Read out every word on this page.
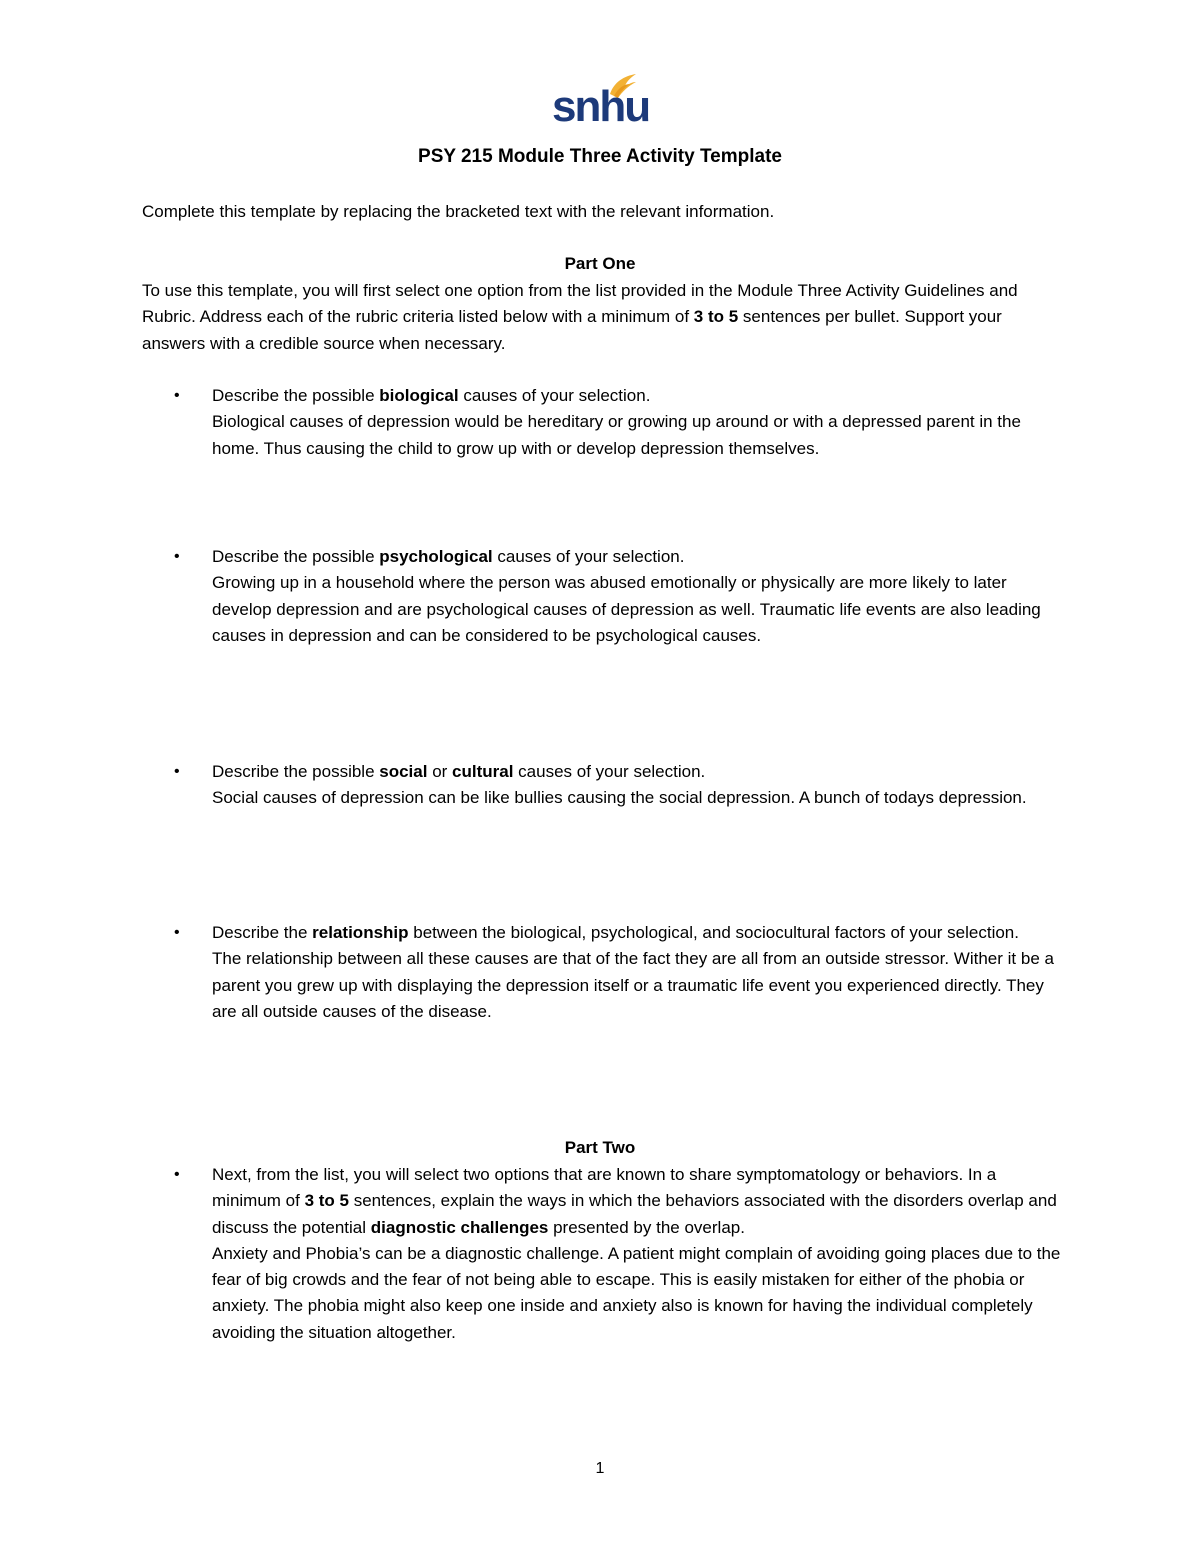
snhu
PSY 215 Module Three Activity Template
Complete this template by replacing the bracketed text with the relevant information.
Part One
To use this template, you will first select one option from the list provided in the Module Three Activity Guidelines and Rubric. Address each of the rubric criteria listed below with a minimum of 3 to 5 sentences per bullet. Support your answers with a credible source when necessary.
• Describe the possible biological causes of your selection.
Biological causes of depression would be hereditary or growing up around or with a depressed parent in the home. Thus causing the child to grow up with or develop depression themselves.
• Describe the possible psychological causes of your selection.
Growing up in a household where the person was abused emotionally or physically are more likely to later develop depression and are psychological causes of depression as well. Traumatic life events are also leading causes in depression and can be considered to be psychological causes.
• Describe the possible social or cultural causes of your selection.
Social causes of depression can be like bullies causing the social depression. A bunch of todays depression.
• Describe the relationship between the biological, psychological, and sociocultural factors of your selection.
The relationship between all these causes are that of the fact they are all from an outside stressor. Wither it be a parent you grew up with displaying the depression itself or a traumatic life event you experienced directly. They are all outside causes of the disease.
Part Two
• Next, from the list, you will select two options that are known to share symptomatology or behaviors. In a minimum of 3 to 5 sentences, explain the ways in which the behaviors associated with the disorders overlap and discuss the potential diagnostic challenges presented by the overlap.
Anxiety and Phobia’s can be a diagnostic challenge. A patient might complain of avoiding going places due to the fear of big crowds and the fear of not being able to escape. This is easily mistaken for either of the phobia or anxiety. The phobia might also keep one inside and anxiety also is known for having the individual completely avoiding the situation altogether.
1
